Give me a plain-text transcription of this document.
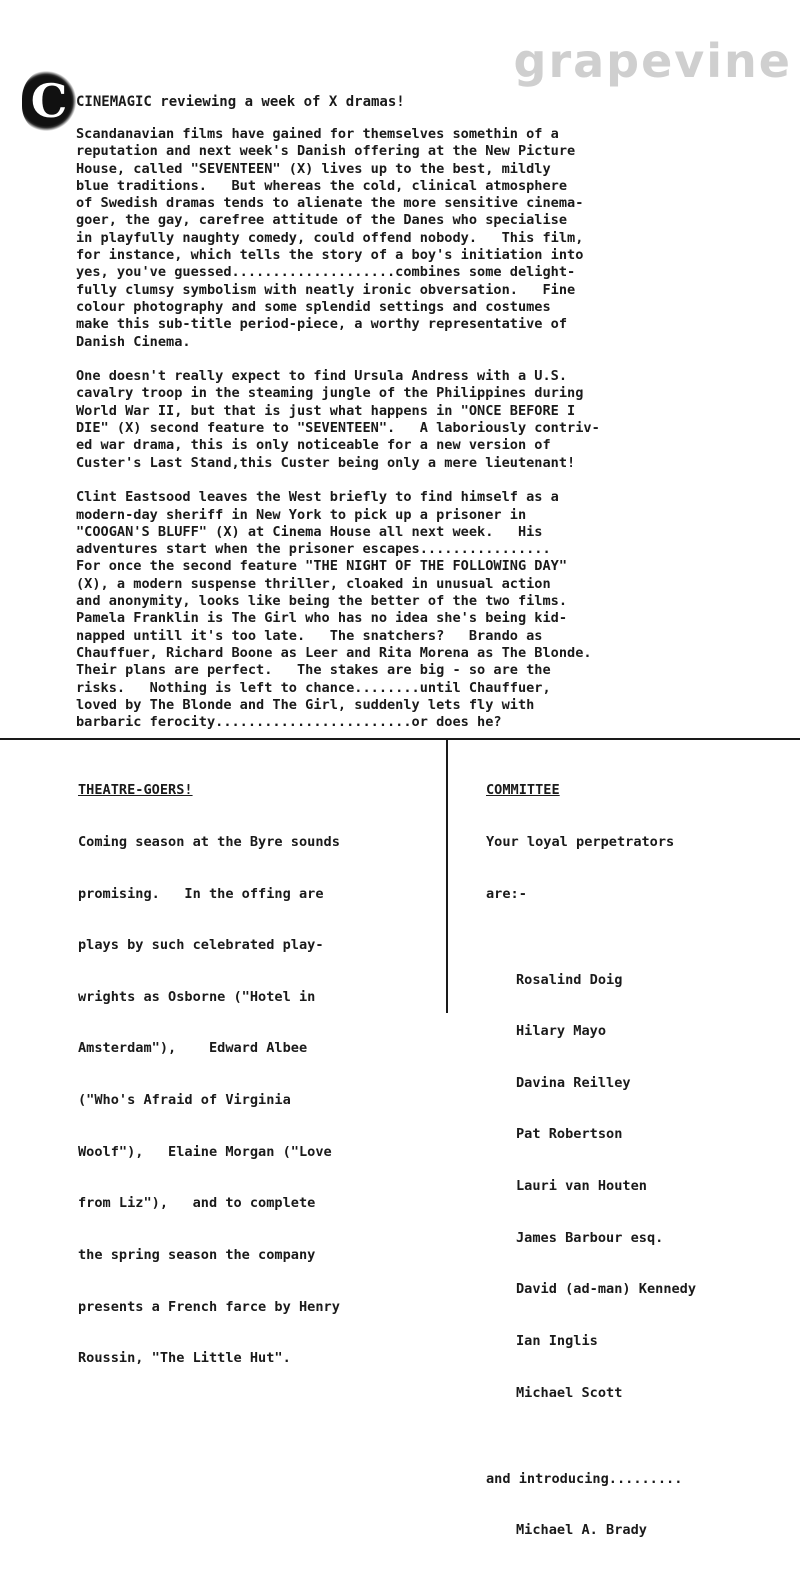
grapevine
C CINEMAGIC reviewing a week of X dramas!

Scandanavian films have gained for themselves somethin of a
reputation and next week's Danish offering at the New Picture
House, called "SEVENTEEN" (X) lives up to the best, mildly
blue traditions.   But whereas the cold, clinical atmosphere
of Swedish dramas tends to alienate the more sensitive cinema-
goer, the gay, carefree attitude of the Danes who specialise
in playfully naughty comedy, could offend nobody.   This film,
for instance, which tells the story of a boy's initiation into
yes, you've guessed....................combines some delight-
fully clumsy symbolism with neatly ironic obversation.   Fine
colour photography and some splendid settings and costumes
make this sub-title period-piece, a worthy representative of
Danish Cinema.

One doesn't really expect to find Ursula Andress with a U.S.
cavalry troop in the steaming jungle of the Philippines during
World War II, but that is just what happens in "ONCE BEFORE I
DIE" (X) second feature to "SEVENTEEN".   A laboriously contriv-
ed war drama, this is only noticeable for a new version of
Custer's Last Stand,this Custer being only a mere lieutenant!

Clint Eastsood leaves the West briefly to find himself as a
modern-day sheriff in New York to pick up a prisoner in
"COOGAN'S BLUFF" (X) at Cinema House all next week.   His
adventures start when the prisoner escapes................
For once the second feature "THE NIGHT OF THE FOLLOWING DAY"
(X), a modern suspense thriller, cloaked in unusual action
and anonymity, looks like being the better of the two films.
Pamela Franklin is The Girl who has no idea she's being kid-
napped untill it's too late.   The snatchers?   Brando as
Chauffuer, Richard Boone as Leer and Rita Morena as The Blonde.
Their plans are perfect.   The stakes are big - so are the
risks.   Nothing is left to chance........until Chauffuer,
loved by The Blonde and The Girl, suddenly lets fly with
barbaric ferocity........................or does he?

THEATRE-GOERS!

Coming season at the Byre sounds

promising.   In the offing are

plays by such celebrated play-

wrights as Osborne ("Hotel in

Amsterdam"),    Edward Albee

("Who's Afraid of Virginia

Woolf"),   Elaine Morgan ("Love

from Liz"),   and to complete

the spring season the company

presents a French farce by Henry

Roussin, "The Little Hut".

COMMITTEE

Your loyal perpetrators

are:-

Rosalind Doig

Hilary Mayo

Davina Reilley

Pat Robertson

Lauri van Houten

James Barbour esq.

David (ad-man) Kennedy

Ian Inglis

Michael Scott

and introducing.........

Michael A. Brady
